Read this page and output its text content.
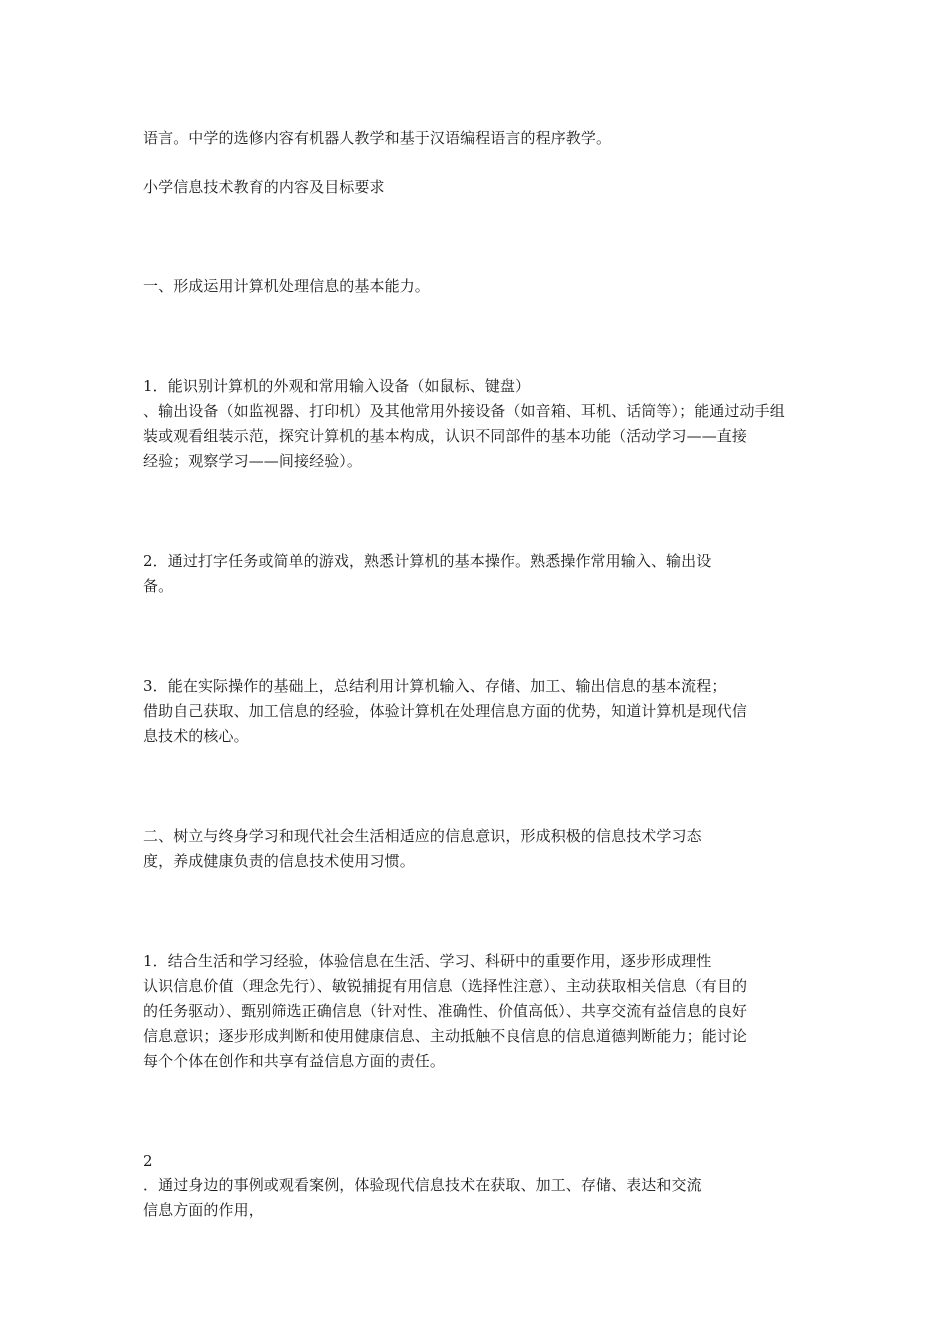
语言。中学的选修内容有机器人教学和基于汉语编程语言的程序教学。
小学信息技术教育的内容及目标要求
一、形成运用计算机处理信息的基本能力。
1．能识别计算机的外观和常用输入设备（如鼠标、键盘）
、输出设备（如监视器、打印机）及其他常用外接设备（如音箱、耳机、话筒等）；能通过动手组
装或观看组装示范，探究计算机的基本构成，认识不同部件的基本功能（活动学习——直接
经验；观察学习——间接经验）。
2．通过打字任务或简单的游戏，熟悉计算机的基本操作。熟悉操作常用输入、输出设
备。
3．能在实际操作的基础上，总结利用计算机输入、存储、加工、输出信息的基本流程；
借助自己获取、加工信息的经验，体验计算机在处理信息方面的优势，知道计算机是现代信
息技术的核心。
二、树立与终身学习和现代社会生活相适应的信息意识，形成积极的信息技术学习态
度，养成健康负责的信息技术使用习惯。
1．结合生活和学习经验，体验信息在生活、学习、科研中的重要作用，逐步形成理性
认识信息价值（理念先行）、敏锐捕捉有用信息（选择性注意）、主动获取相关信息（有目的
的任务驱动）、甄别筛选正确信息（针对性、准确性、价值高低）、共享交流有益信息的良好
信息意识；逐步形成判断和使用健康信息、主动抵触不良信息的信息道德判断能力；能讨论
每个个体在创作和共享有益信息方面的责任。
2
．通过身边的事例或观看案例，体验现代信息技术在获取、加工、存储、表达和交流
信息方面的作用，
